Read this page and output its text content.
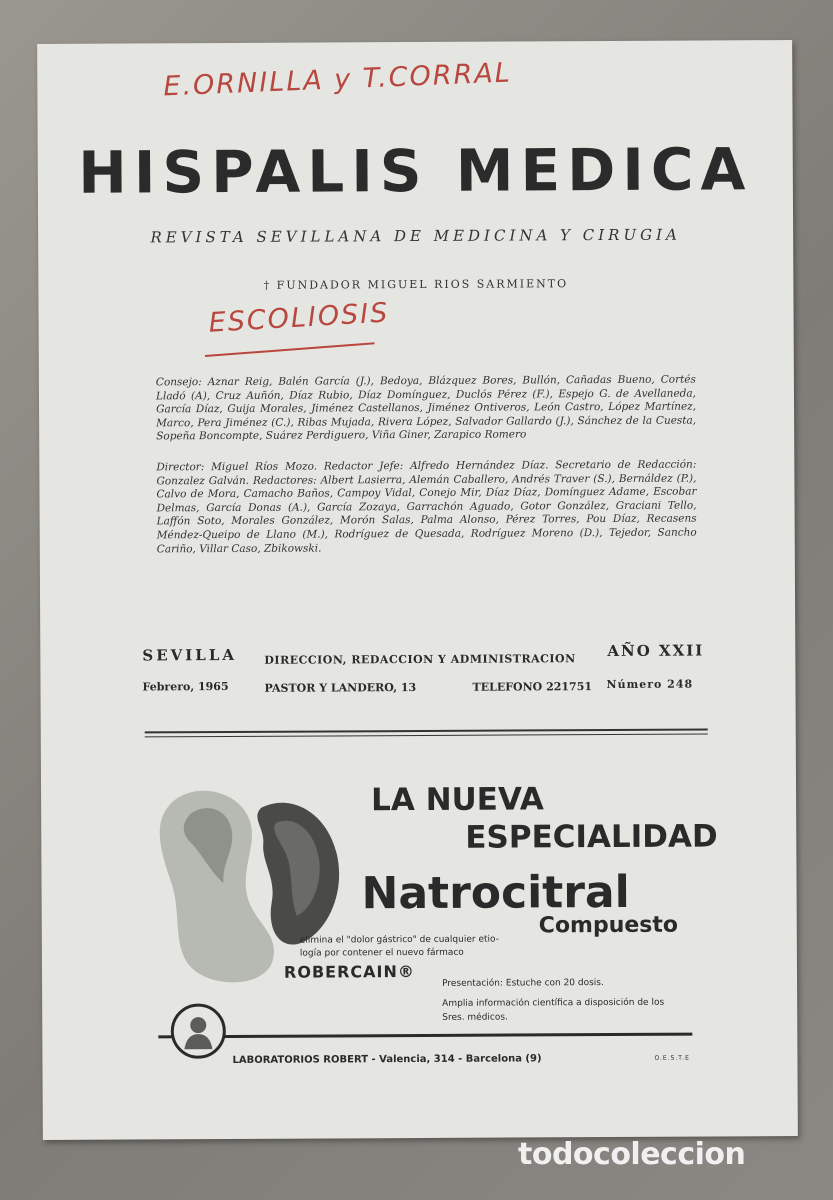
E.ORNILLA y T.CORRAL
HISPALIS MEDICA
REVISTA SEVILLANA DE MEDICINA Y CIRUGIA
† FUNDADOR MIGUEL RIOS SARMIENTO
ESCOLIOSIS
Consejo: Aznar Reig, Balén García (J.), Bedoya, Blázquez Bores, Bullón, Cañadas Bueno, Cortés Lladó (A), Cruz Auñón, Díaz Rubio, Díaz Domínguez, Duclós Pérez (F.), Espejo G. de Avellaneda, García Díaz, Guija Morales, Jiménez Castellanos, Jiménez Ontiveros, León Castro, López Martínez, Marco, Pera Jiménez (C.), Ribas Mujada, Rivera López, Salvador Gallardo (J.), Sánchez de la Cuesta, Sopeña Boncompte, Suárez Perdiguero, Viña Giner, Zarapico Romero
Director: Miguel Ríos Mozo. Redactor Jefe: Alfredo Hernández Díaz. Secretario de Redacción: Gonzalez Galván. Redactores: Albert Lasierra, Alemán Caballero, Andrés Traver (S.), Bernáldez (P.), Calvo de Mora, Camacho Baños, Campoy Vidal, Conejo Mir, Díaz Díaz, Domínguez Adame, Escobar Delmas, García Donas (A.), García Zozaya, Garrachón Aguado, Gotor González, Graciani Tello, Laffón Soto, Morales González, Morón Salas, Palma Alonso, Pérez Torres, Pou Díaz, Recasens Méndez-Queipo de Llano (M.), Rodríguez de Quesada, Rodríguez Moreno (D.), Tejedor, Sancho Cariño, Villar Caso, Zbikowski.
SEVILLA
Febrero, 1965
DIRECCION, REDACCION Y ADMINISTRACION
PASTOR Y LANDERO, 13	TELEFONO 221751
AÑO XXII
Número 248
LA NUEVA
ESPECIALIDAD
Natrocitral
Compuesto
elimina el "dolor gástrico" de cualquier etio-
logía por contener el nuevo fármaco
ROBERCAIN®
Presentación: Estuche con 20 dosis.
Amplia información científica a disposición de los
Sres. médicos.
LABORATORIOS ROBERT - Valencia, 314 - Barcelona (9)	O.E.S.T.E
todocoleccion
